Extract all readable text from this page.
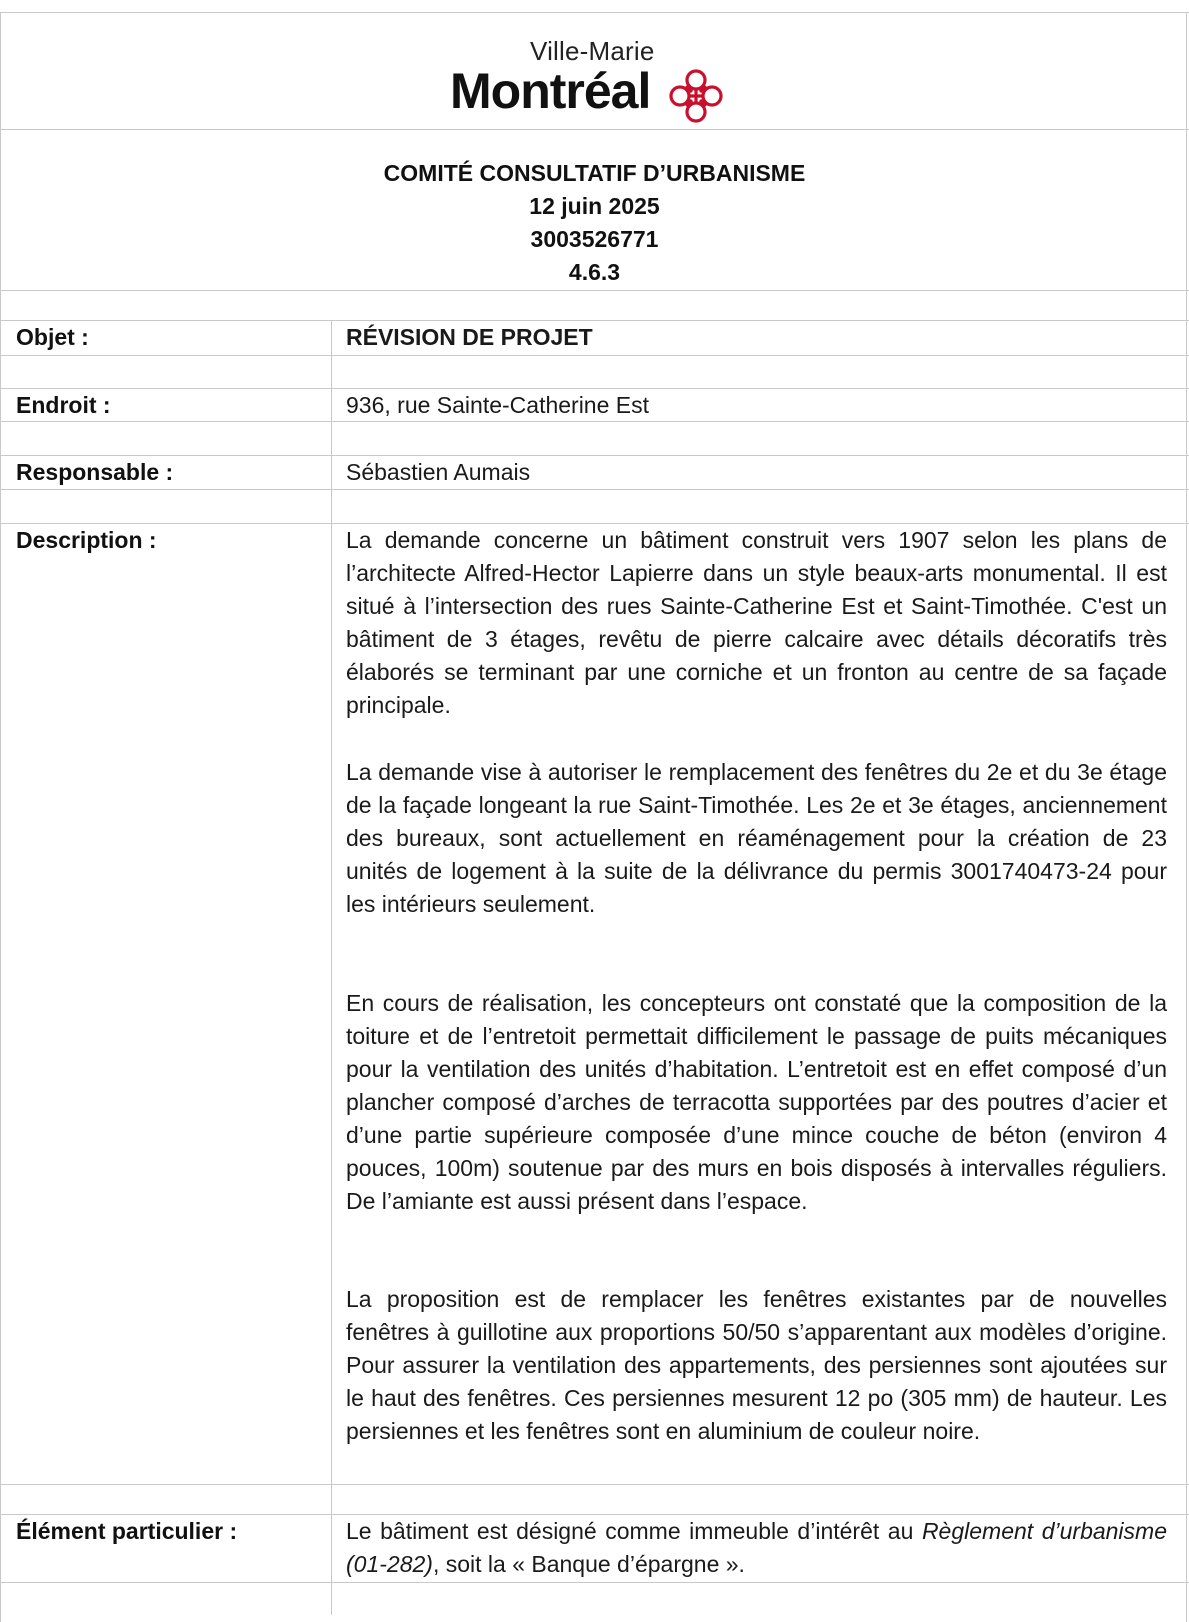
Ville-Marie
Montréal
COMITÉ CONSULTATIF D’URBANISME
12 juin 2025
3003526771
4.6.3
Objet :	RÉVISION DE PROJET
Endroit :	936, rue Sainte-Catherine Est
Responsable :	Sébastien Aumais
Description :	La demande concerne un bâtiment construit vers 1907 selon les plans de l’architecte Alfred-Hector Lapierre dans un style beaux-arts monumental. Il est situé à l’intersection des rues Sainte-Catherine Est et Saint-Timothée. C'est un bâtiment de 3 étages, revêtu de pierre calcaire avec détails décoratifs très élaborés se terminant par une corniche et un fronton au centre de sa façade principale.
La demande vise à autoriser le remplacement des fenêtres du 2e et du 3e étage de la façade longeant la rue Saint-Timothée. Les 2e et 3e étages, anciennement des bureaux, sont actuellement en réaménagement pour la création de 23 unités de logement à la suite de la délivrance du permis 3001740473-24 pour les intérieurs seulement.
En cours de réalisation, les concepteurs ont constaté que la composition de la toiture et de l’entretoit permettait difficilement le passage de puits mécaniques pour la ventilation des unités d’habitation. L’entretoit est en effet composé d’un plancher composé d’arches de terracotta supportées par des poutres d’acier et d’une partie supérieure composée d’une mince couche de béton (environ 4 pouces, 100m) soutenue par des murs en bois disposés à intervalles réguliers. De l’amiante est aussi présent dans l’espace.
La proposition est de remplacer les fenêtres existantes par de nouvelles fenêtres à guillotine aux proportions 50/50 s’apparentant aux modèles d’origine. Pour assurer la ventilation des appartements, des persiennes sont ajoutées sur le haut des fenêtres. Ces persiennes mesurent 12 po (305 mm) de hauteur. Les persiennes et les fenêtres sont en aluminium de couleur noire.
Élément particulier :	Le bâtiment est désigné comme immeuble d’intérêt au Règlement d’urbanisme (01-282), soit la « Banque d’épargne ».
